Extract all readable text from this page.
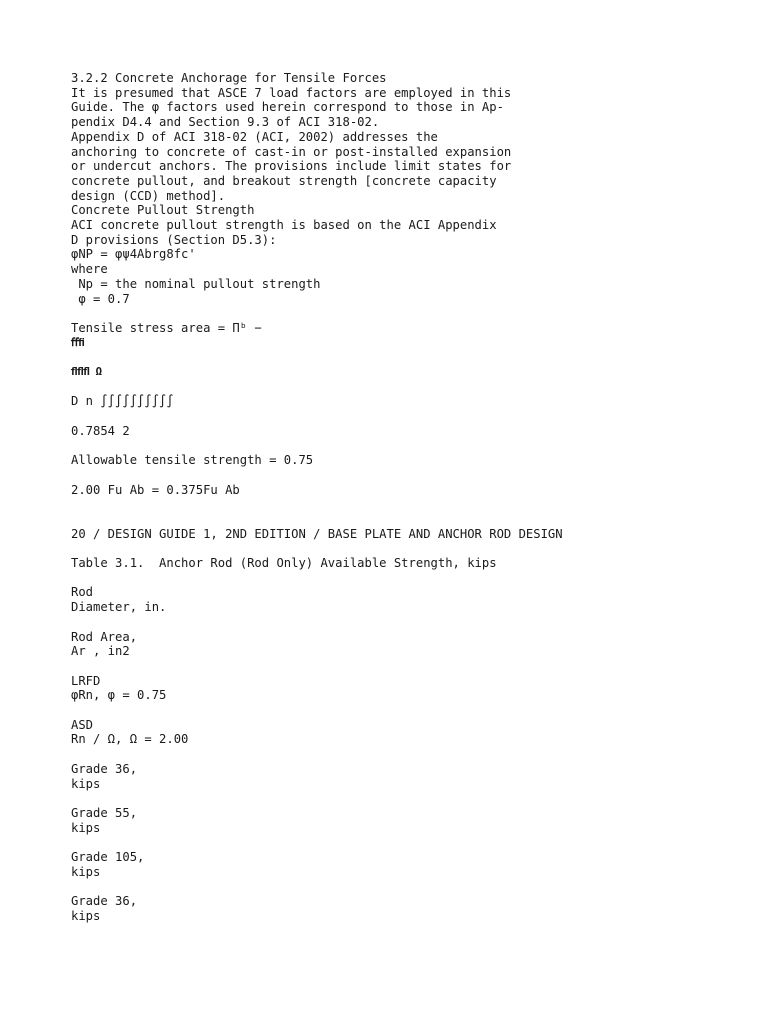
3.2.2 Concrete Anchorage for Tensile Forces
It is presumed that ASCE 7 load factors are employed in this
Guide. The φ factors used herein correspond to those in Ap-
pendix D4.4 and Section 9.3 of ACI 318-02.
Appendix D of ACI 318-02 (ACI, 2002) addresses the
anchoring to concrete of cast-in or post-installed expansion
or undercut anchors. The provisions include limit states for
concrete pullout, and breakout strength [concrete capacity
design (CCD) method].
Concrete Pullout Strength
ACI concrete pullout strength is based on the ACI Appendix
D provisions (Section D5.3):
φNP = φψ4Abrg8fc'
where
Np = the nominal pullout strength
φ = 0.7
Tensile stress area = Πᵇ −
ﬀﬁ
ﬂﬂﬂ Ω
D n ∫∫∫∫∫∫∫∫∫∫
0.7854 2
Allowable tensile strength = 0.75
2.00 Fu Ab = 0.375Fu Ab
20 / DESIGN GUIDE 1, 2ND EDITION / BASE PLATE AND ANCHOR ROD DESIGN
Table 3.1.  Anchor Rod (Rod Only) Available Strength, kips
Rod
Diameter, in.
Rod Area,
Ar , in2
LRFD
φRn, φ = 0.75
ASD
Rn / Ω, Ω = 2.00
Grade 36,
kips
Grade 55,
kips
Grade 105,
kips
Grade 36,
kips
